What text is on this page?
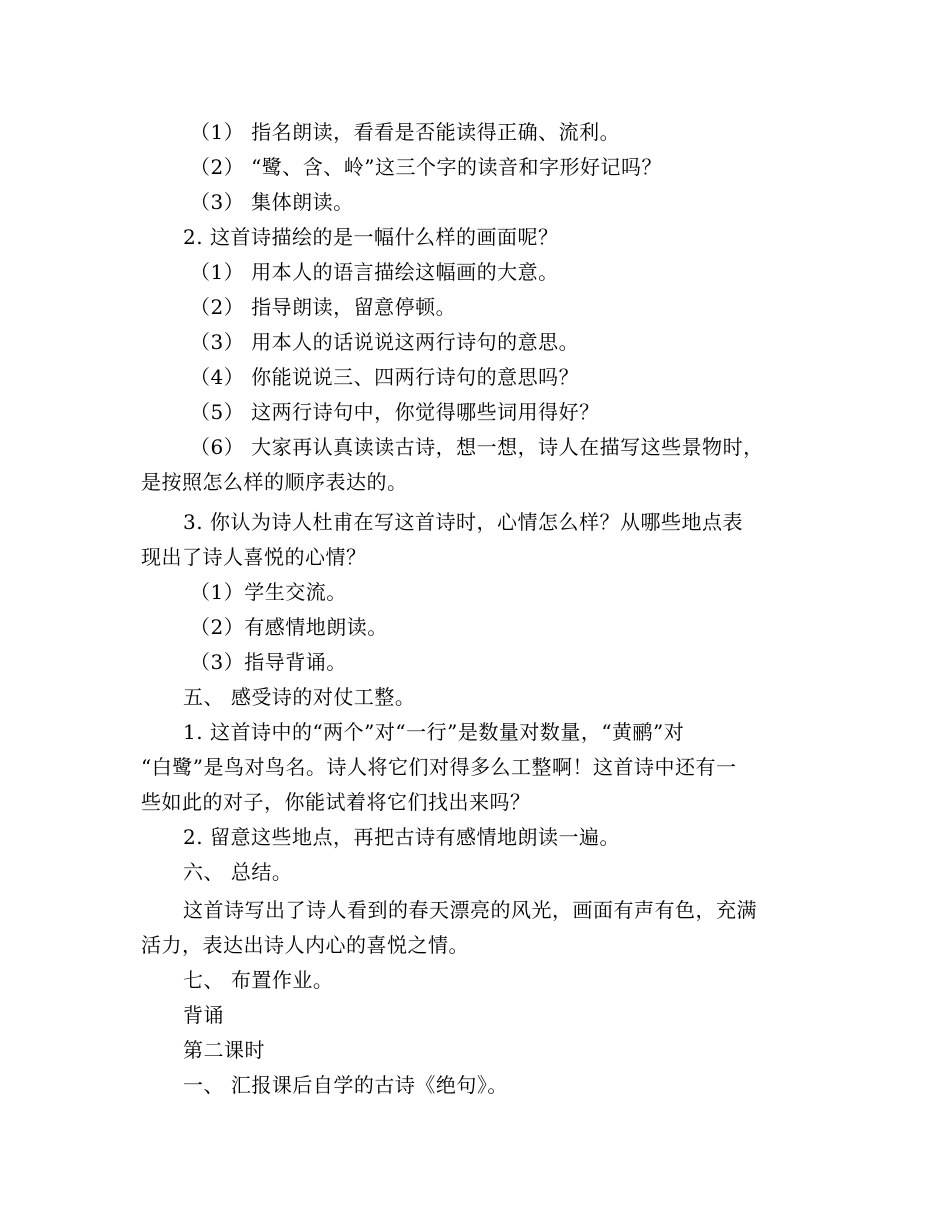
（1） 指名朗读，看看是否能读得正确、流利。
（2） “鹭、含、岭”这三个字的读音和字形好记吗？
（3） 集体朗读。
2. 这首诗描绘的是一幅什么样的画面呢？
（1） 用本人的语言描绘这幅画的大意。
（2） 指导朗读，留意停顿。
（3） 用本人的话说说这两行诗句的意思。
（4） 你能说说三、四两行诗句的意思吗？
（5） 这两行诗句中，你觉得哪些词用得好？
（6） 大家再认真读读古诗，想一想，诗人在描写这些景物时，
是按照怎么样的顺序表达的。
3. 你认为诗人杜甫在写这首诗时，心情怎么样？从哪些地点表
现出了诗人喜悦的心情？
（1）学生交流。
（2）有感情地朗读。
（3）指导背诵。
五、 感受诗的对仗工整。
1. 这首诗中的“两个”对“一行”是数量对数量，“黄鹂”对
“白鹭”是鸟对鸟名。诗人将它们对得多么工整啊！这首诗中还有一
些如此的对子，你能试着将它们找出来吗？
2. 留意这些地点，再把古诗有感情地朗读一遍。
六、 总结。
这首诗写出了诗人看到的春天漂亮的风光，画面有声有色，充满
活力，表达出诗人内心的喜悦之情。
七、 布置作业。
背诵
第二课时
一、 汇报课后自学的古诗《绝句》。
